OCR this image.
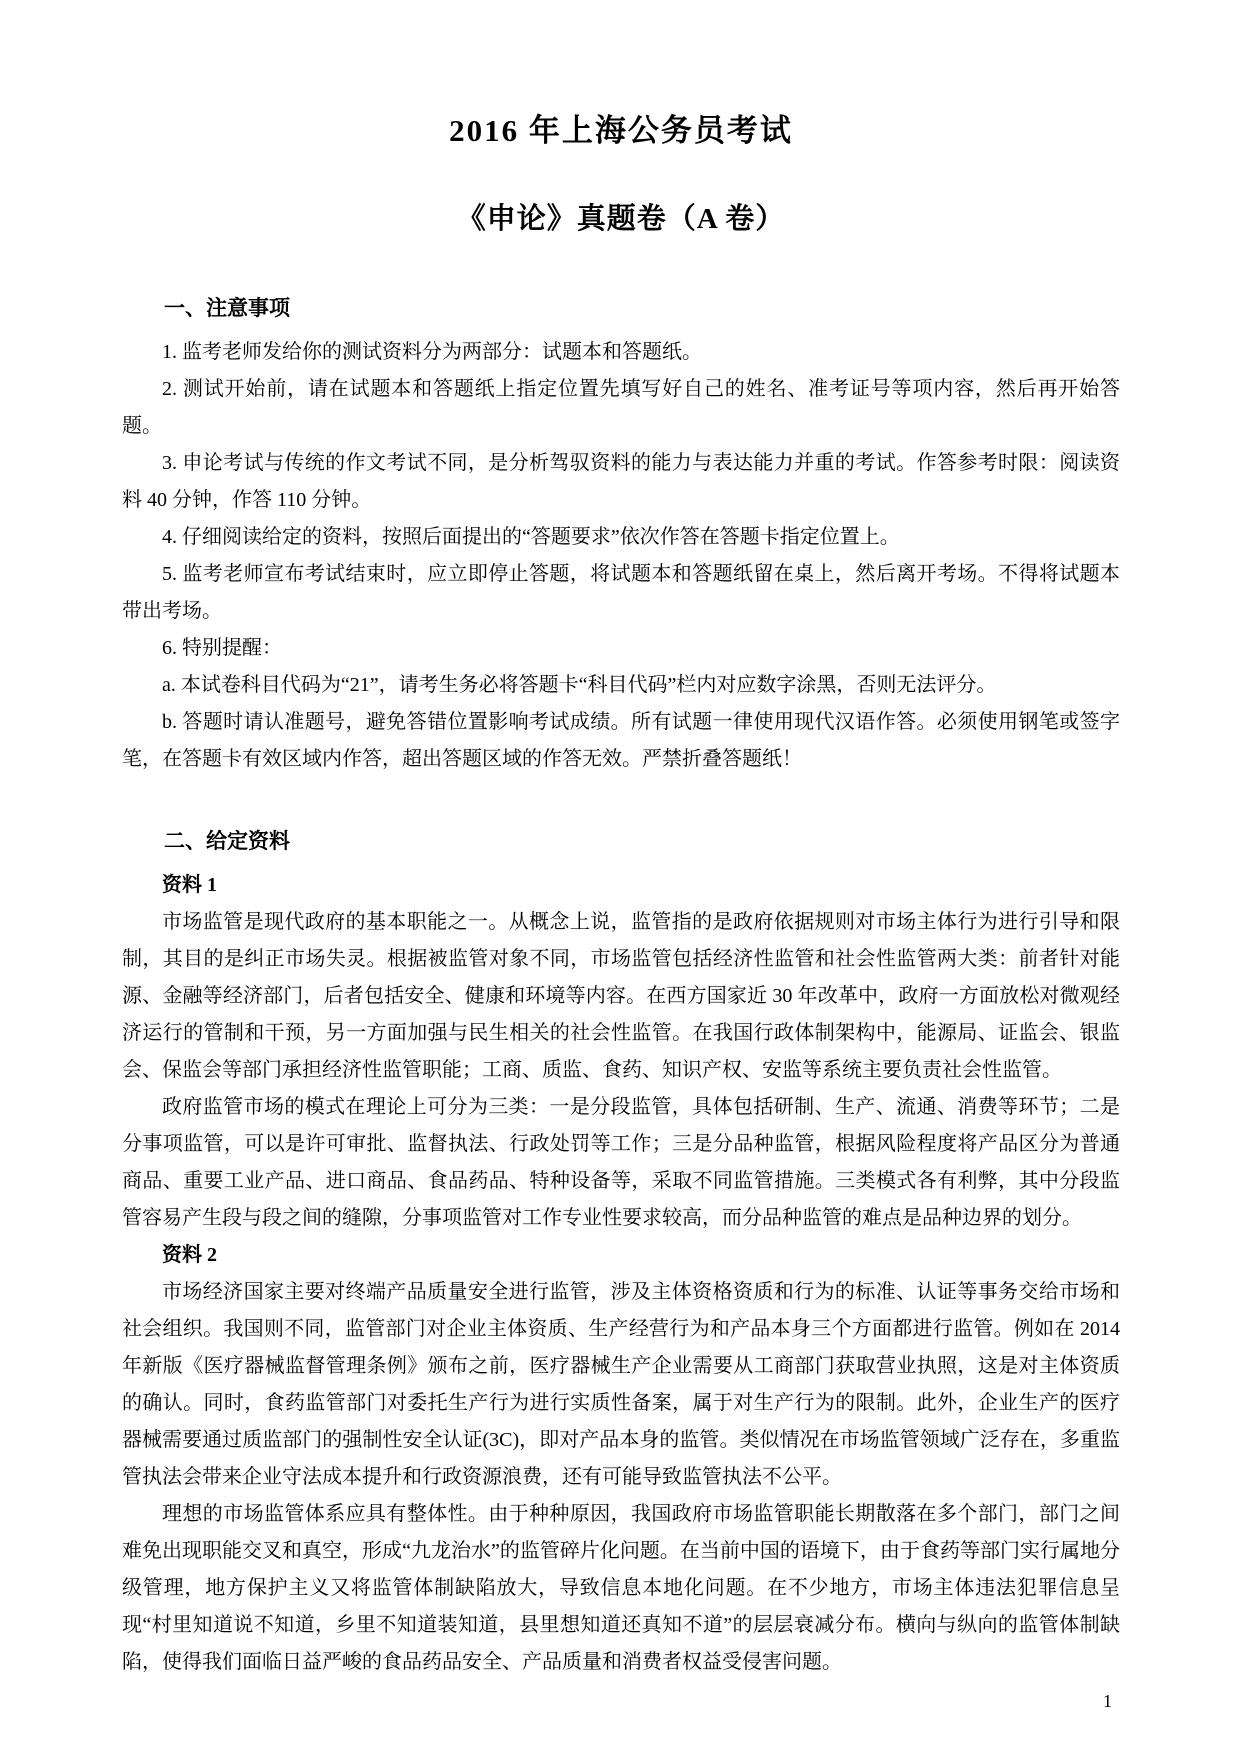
2016 年上海公务员考试
《申论》真题卷（A 卷）

一、注意事项

1. 监考老师发给你的测试资料分为两部分：试题本和答题纸。

2. 测试开始前，请在试题本和答题纸上指定位置先填写好自己的姓名、准考证号等项内容，然后再开始答题。

3. 申论考试与传统的作文考试不同，是分析驾驭资料的能力与表达能力并重的考试。作答参考时限：阅读资料 40 分钟，作答 110 分钟。

4. 仔细阅读给定的资料，按照后面提出的“答题要求”依次作答在答题卡指定位置上。

5. 监考老师宣布考试结束时，应立即停止答题，将试题本和答题纸留在桌上，然后离开考场。不得将试题本带出考场。

6. 特别提醒：

a. 本试卷科目代码为“21”，请考生务必将答题卡“科目代码”栏内对应数字涂黑，否则无法评分。

b. 答题时请认准题号，避免答错位置影响考试成绩。所有试题一律使用现代汉语作答。必须使用钢笔或签字笔，在答题卡有效区域内作答，超出答题区域的作答无效。严禁折叠答题纸！

二、给定资料

资料 1

市场监管是现代政府的基本职能之一。从概念上说，监管指的是政府依据规则对市场主体行为进行引导和限制，其目的是纠正市场失灵。根据被监管对象不同，市场监管包括经济性监管和社会性监管两大类：前者针对能源、金融等经济部门，后者包括安全、健康和环境等内容。在西方国家近 30 年改革中，政府一方面放松对微观经济运行的管制和干预，另一方面加强与民生相关的社会性监管。在我国行政体制架构中，能源局、证监会、银监会、保监会等部门承担经济性监管职能；工商、质监、食药、知识产权、安监等系统主要负责社会性监管。

政府监管市场的模式在理论上可分为三类：一是分段监管，具体包括研制、生产、流通、消费等环节；二是分事项监管，可以是许可审批、监督执法、行政处罚等工作；三是分品种监管，根据风险程度将产品区分为普通商品、重要工业产品、进口商品、食品药品、特种设备等，采取不同监管措施。三类模式各有利弊，其中分段监管容易产生段与段之间的缝隙，分事项监管对工作专业性要求较高，而分品种监管的难点是品种边界的划分。

资料 2

市场经济国家主要对终端产品质量安全进行监管，涉及主体资格资质和行为的标准、认证等事务交给市场和社会组织。我国则不同，监管部门对企业主体资质、生产经营行为和产品本身三个方面都进行监管。例如在 2014 年新版《医疗器械监督管理条例》颁布之前，医疗器械生产企业需要从工商部门获取营业执照，这是对主体资质的确认。同时，食药监管部门对委托生产行为进行实质性备案，属于对生产行为的限制。此外，企业生产的医疗器械需要通过质监部门的强制性安全认证(3C)，即对产品本身的监管。类似情况在市场监管领域广泛存在，多重监管执法会带来企业守法成本提升和行政资源浪费，还有可能导致监管执法不公平。

理想的市场监管体系应具有整体性。由于种种原因，我国政府市场监管职能长期散落在多个部门，部门之间难免出现职能交叉和真空，形成“九龙治水”的监管碎片化问题。在当前中国的语境下，由于食药等部门实行属地分级管理，地方保护主义又将监管体制缺陷放大，导致信息本地化问题。在不少地方，市场主体违法犯罪信息呈现“村里知道说不知道，乡里不知道装知道，县里想知道还真知不道”的层层衰减分布。横向与纵向的监管体制缺陷，使得我们面临日益严峻的食品药品安全、产品质量和消费者权益受侵害问题。

1
